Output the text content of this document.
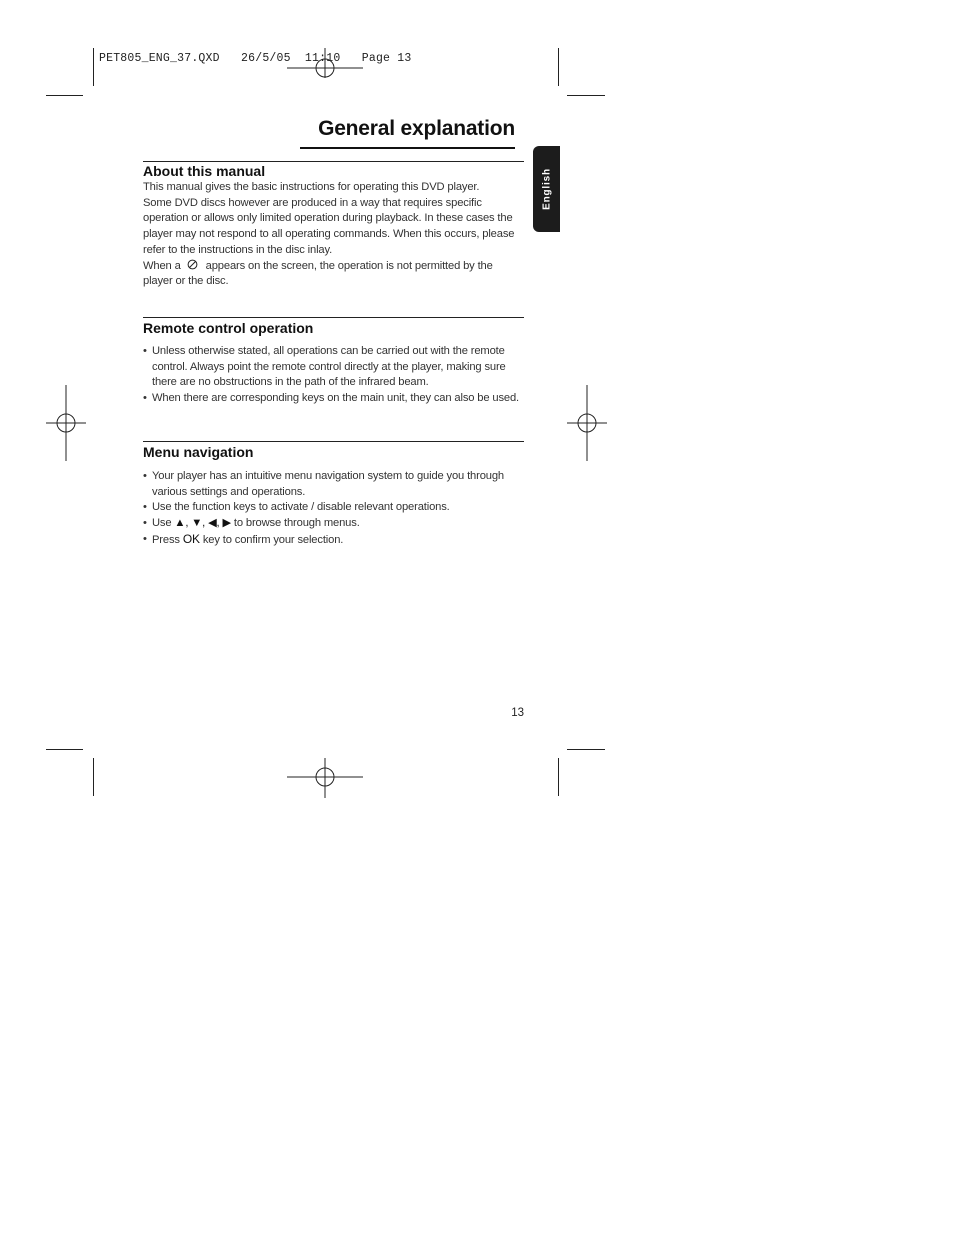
PET805_ENG_37.QXD   26/5/05  11:10   Page 13
General explanation
English
About this manual

This manual gives the basic instructions for operating this DVD player.

Some DVD discs however are produced in a way that requires specific operation or allows only limited operation during playback. In these cases the player may not respond to all operating commands. When this occurs, please refer to the instructions in the disc inlay.

When a appears on the screen, the operation is not permitted by the player or the disc.

Remote control operation
• Unless otherwise stated, all operations can be carried out with the remote control. Always point the remote control directly at the player, making sure there are no obstructions in the path of the infrared beam.
• When there are corresponding keys on the main unit, they can also be used.
Menu navigation
• Your player has an intuitive menu navigation system to guide you through various settings and operations.
• Use the function keys to activate / disable relevant operations.
• Use ▲, ▼, ◀, ▶ to browse through menus.
• Press OK key to confirm your selection.
13
